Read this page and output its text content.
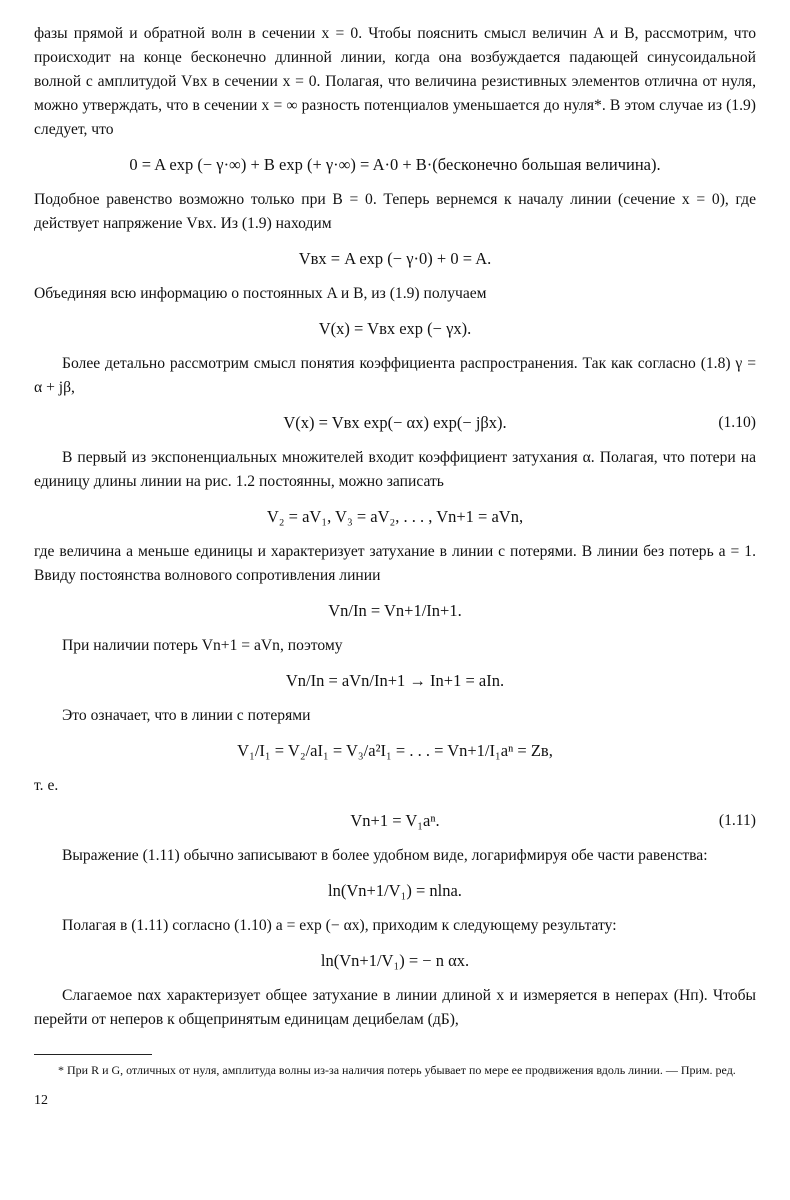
фазы прямой и обратной волн в сечении x = 0. Чтобы пояснить смысл величин A и B, рассмотрим, что происходит на конце бесконечно длинной линии, когда она возбуждается падающей синусоидальной волной с амплитудой Vвх в сечении x = 0. Полагая, что величина резистивных элементов отлична от нуля, можно утверждать, что в сечении x = ∞ разность потенциалов уменьшается до нуля*. В этом случае из (1.9) следует, что

0 = A exp (− γ·∞) + B exp (+ γ·∞) = A·0 + B·(бесконечно большая величина).

Подобное равенство возможно только при B = 0. Теперь вернемся к началу линии (сечение x = 0), где действует напряжение Vвх. Из (1.9) находим

Vвх = A exp (− γ·0) + 0 = A.

Объединяя всю информацию о постоянных A и B, из (1.9) получаем

V(x) = Vвх exp (− γx).

Более детально рассмотрим смысл понятия коэффициента распространения. Так как согласно (1.8) γ = α + jβ,

V(x) = Vвх exp(− αx) exp(− jβx).	(1.10)

В первый из экспоненциальных множителей входит коэффициент затухания α. Полагая, что потери на единицу длины линии на рис. 1.2 постоянны, можно записать

V₂ = aV₁, V₃ = aV₂, . . . , Vn+1 = aVn,

где величина a меньше единицы и характеризует затухание в линии с потерями. В линии без потерь a = 1. Ввиду постоянства волнового сопротивления линии

Vn/In = Vn+1/In+1.

При наличии потерь Vn+1 = aVn, поэтому

Vn/In = aVn/In+1 → In+1 = aIn.

Это означает, что в линии с потерями

V₁/I₁ = V₂/aI₁ = V₃/a²I₁ = . . . = Vn+1/I₁aⁿ = Zв,

т. е.

Vn+1 = V₁aⁿ.	(1.11)

Выражение (1.11) обычно записывают в более удобном виде, логарифмируя обе части равенства:

ln(Vn+1/V₁) = nlna.

Полагая в (1.11) согласно (1.10) a = exp (− αx), приходим к следующему результату:

ln(Vn+1/V₁) = − n αx.

Слагаемое nαx характеризует общее затухание в линии длиной x и измеряется в неперах (Нп). Чтобы перейти от неперов к общепринятым единицам децибелам (дБ),

* При R и G, отличных от нуля, амплитуда волны из-за наличия потерь убывает по мере ее продвижения вдоль линии. — Прим. ред.

12
